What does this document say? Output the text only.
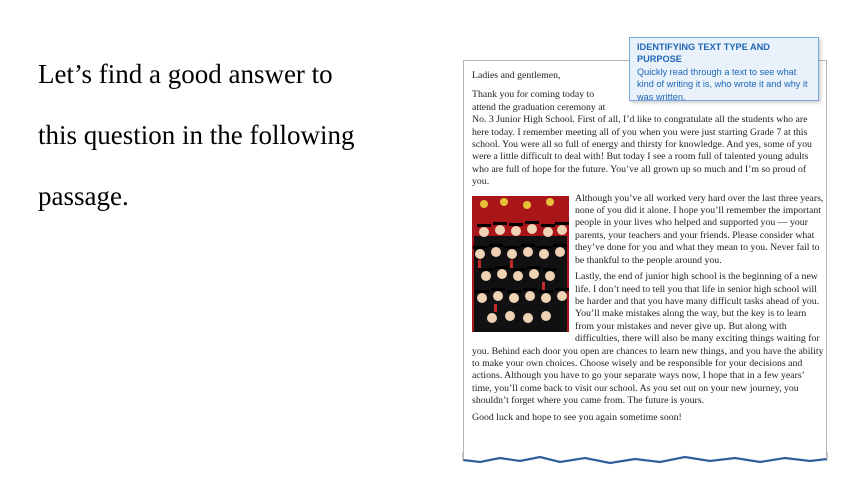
Let’s find a good answer to

this question in the following

passage.

Ladies and gentlemen,

Thank you for coming today to attend the graduation ceremony at No. 3 Junior High School. First of all, I’d like to congratulate all the students who are here today. I remember meeting all of you when you were just starting Grade 7 at this school. You were all so full of energy and thirsty for knowledge. And yes, some of you were a little difficult to deal with! But today I see a room full of talented young adults who are full of hope for the future. You’ve all grown up so much and I’m so proud of you.

Although you’ve all worked very hard over the last three years, none of you did it alone. I hope you’ll remember the important people in your lives who helped and supported you — your parents, your teachers and your friends. Please consider what they’ve done for you and what they mean to you. Never fail to be thankful to the people around you.

Lastly, the end of junior high school is the beginning of a new life. I don’t need to tell you that life in senior high school will be harder and that you have many difficult tasks ahead of you. You’ll make mistakes along the way, but the key is to learn from your mistakes and never give up. But along with difficulties, there will also be many exciting things waiting for you. Behind each door you open are chances to learn new things, and you have the ability to make your own choices. Choose wisely and be responsible for your decisions and actions. Although you have to go your separate ways now, I hope that in a few years’ time, you’ll come back to visit our school. As you set out on your new journey, you shouldn’t forget where you came from. The future is yours.

Good luck and hope to see you again sometime soon!

IDENTIFYING TEXT TYPE AND PURPOSE
Quickly read through a text to see what kind of writing it is, who wrote it and why it was written.
